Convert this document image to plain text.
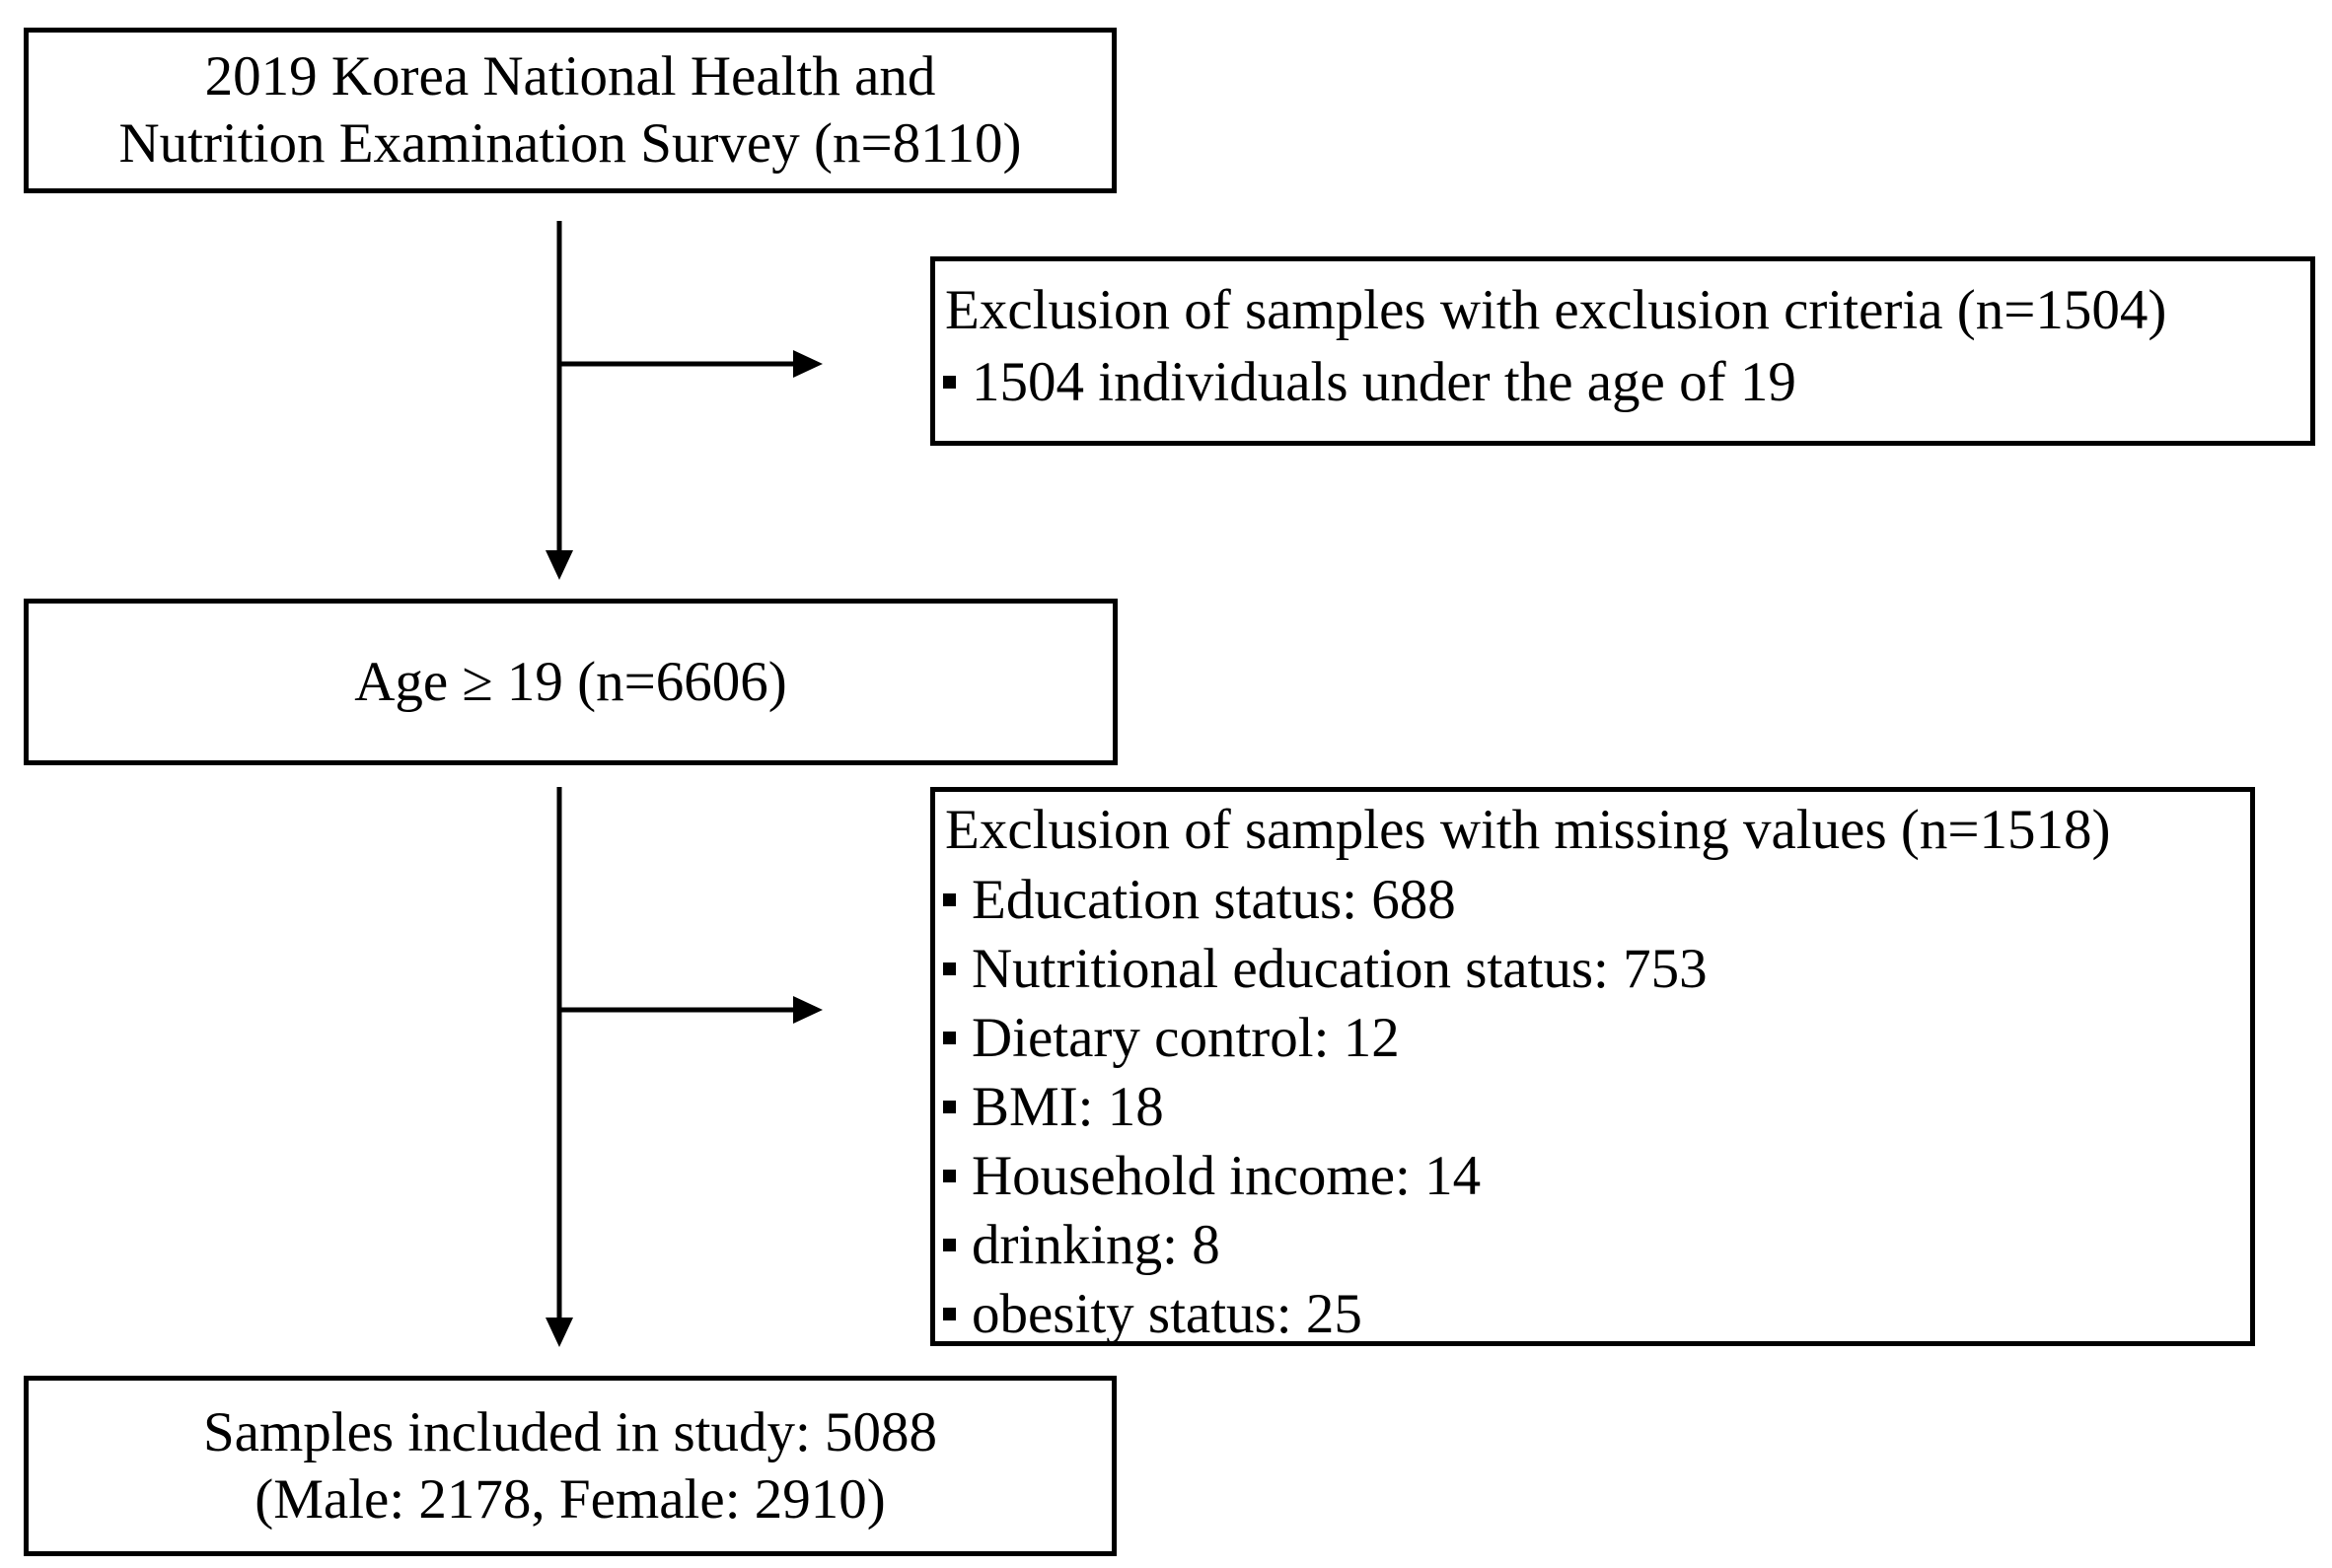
2019 Korea National Health and
Nutrition Examination Survey (n=8110)
Exclusion of samples with exclusion criteria (n=1504)
1504 individuals under the age of 19
Age ≥ 19 (n=6606)
Exclusion of samples with missing values (n=1518)
Education status: 688
Nutritional education status: 753
Dietary control: 12
BMI: 18
Household income: 14
drinking: 8
obesity status: 25
Samples included in study: 5088
(Male: 2178, Female: 2910)
